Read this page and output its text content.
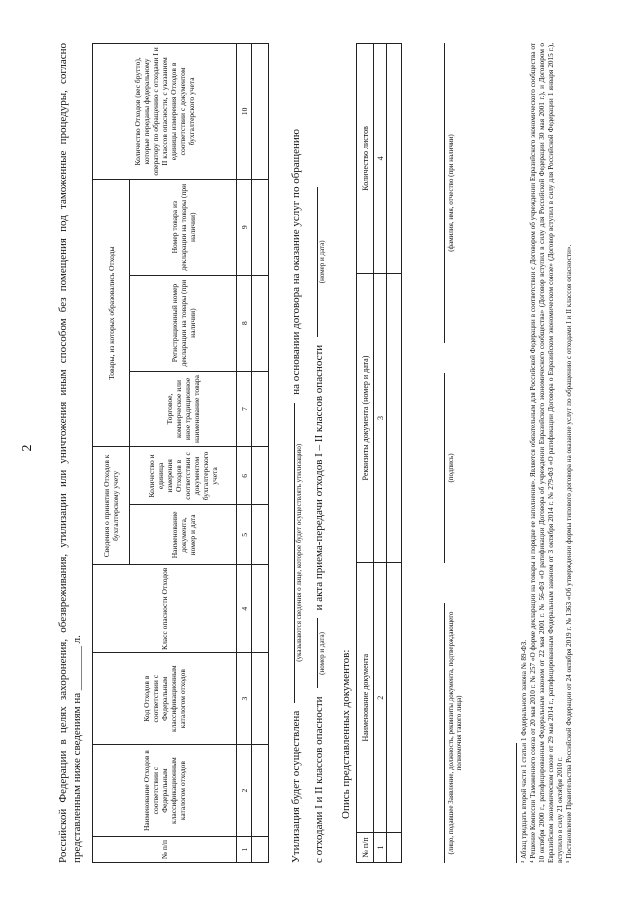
2 Российской Федерации в целях захоронения, обезвреживания, утилизации или уничтожения иным способом без помещения под таможенные процедуры, согласно представленным ниже сведениям на ________ л.	№ п/п	Наименование Отходов в соответствии с Федеральным классификационным каталогом отходов	Код Отходов в соответствии с Федеральным классификационным каталогом отходов	Класс опасности Отходов	Сведения о принятии Отходов к бухгалтерскому учету		Товары, из которых образовались Отходы			Количество Отходов (вес брутто), которые переданы федеральному оператору по обращению с отходами I и II классов опасности, с указанием единицы измерения Отходов в соответствии с документом бухгалтерского учета
				Наименование документа, номер и дата	Количество и единица измерения Отходов в соответствии с документом бухгалтерского учета	Торговое, коммерческое или иное традиционное наименование товара	Регистрационный номер декларации на товары (при наличии)	Номер товара из декларации на товары (при наличии)	
1	2	3	4	5	6	7	8	9	10

Утилизация будет осуществлена
(указываются сведения о лице, которое будет осуществлять утилизацию)
на основании договора на оказание услуг по обращению
с отходами I и II классов опасности
(номер и дата)
и акта приема-передачи отходов I – II классов опасности
(номер и дата)
Опись представленных документов:
№ п/п	Наименование документа	Реквизиты документа (номер и дата)	Количество листов
1	2	3	4

(лицо, подавшее Заявление, должность, реквизиты документа, подтверждающего полномочия такого лица)
(подпись)
(фамилия, имя, отчество (при наличии)

³ Абзац тридцать второй части 1 статьи 1 Федерального закона № 89-ФЗ. ⁴ Решение Комиссии Таможенного союза от 20 мая 2010 г. № 257 «О форме декларации на товары и порядке ее заполнения». Является обязательным для Российской Федерации в соответствии с Договором об учреждении Евразийского экономического сообщества от 10 октября 2000 г., ратифицированным Федеральным законом от 22 мая 2001 г. № 56-ФЗ «О ратификации Договора об учреждении Евразийского экономического сообщества» (Договор вступил в силу для Российской Федерации 30 мая 2001 г.), и Договором о Евразийском экономическом союзе от 29 мая 2014 г., ратифицированным Федеральным законом от 3 октября 2014 г. № 279-ФЗ «О ратификации Договора о Евразийском экономическом союзе» (Договор вступил в силу для Российской Федерации 1 января 2015 г.), вступило в силу 21 октября 2010 г. ⁵ Постановление Правительства Российской Федерации от 24 октября 2019 г. № 1363 «Об утверждении формы типового договора на оказание услуг по обращению с отходами I и II классов опасности».
